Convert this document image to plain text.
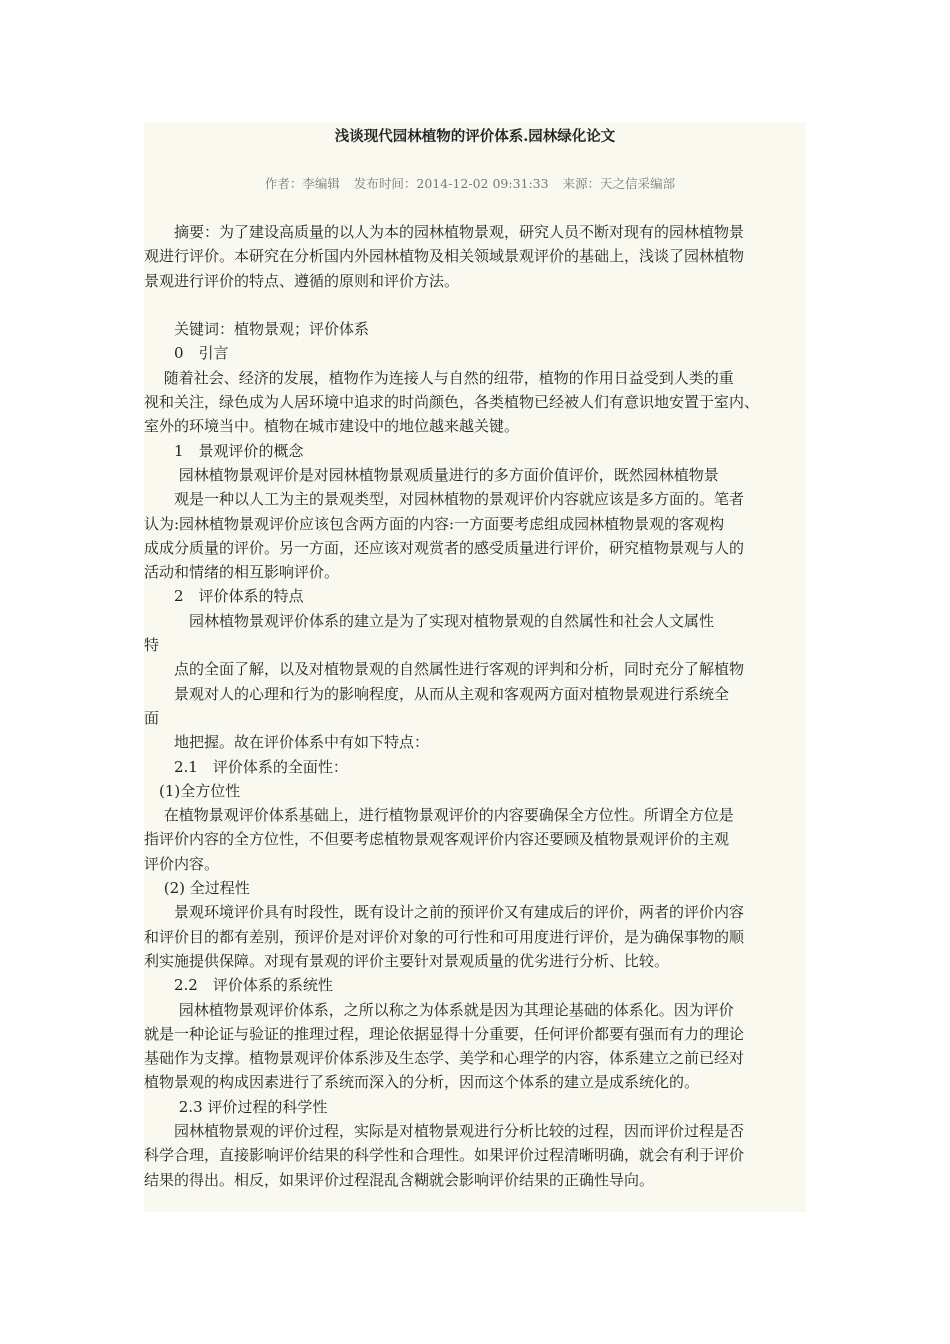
浅谈现代园林植物的评价体系.园林绿化论文
作者：李编辑 发布时间：2014-12-02 09:31:33 来源：天之信采编部
　　摘要：为了建设高质量的以人为本的园林植物景观，研究人员不断对现有的园林植物景
观进行评价。本研究在分析国内外园林植物及相关领域景观评价的基础上，浅谈了园林植物
景观进行评价的特点、遵循的原则和评价方法。
　　关键词：植物景观；评价体系
　　0　引言
　 随着社会、经济的发展，植物作为连接人与自然的纽带，植物的作用日益受到人类的重
视和关注，绿色成为人居环境中追求的时尚颜色，各类植物已经被人们有意识地安置于室内、
室外的环境当中。植物在城市建设中的地位越来越关键。
　　1　景观评价的概念
　　 园林植物景观评价是对园林植物景观质量进行的多方面价值评价，既然园林植物景
　　观是一种以人工为主的景观类型，对园林植物的景观评价内容就应该是多方面的。笔者
认为:园林植物景观评价应该包含两方面的内容:一方面要考虑组成园林植物景观的客观构
成成分质量的评价。另一方面，还应该对观赏者的感受质量进行评价，研究植物景观与人的
活动和情绪的相互影响评价。
　　2　评价体系的特点
　　　园林植物景观评价体系的建立是为了实现对植物景观的自然属性和社会人文属性
特
　　点的全面了解，以及对植物景观的自然属性进行客观的评判和分析，同时充分了解植物
　　景观对人的心理和行为的影响程度，从而从主观和客观两方面对植物景观进行系统全
面
　　地把握。故在评价体系中有如下特点：
　　2.1　评价体系的全面性：
　(1)全方位性
　 在植物景观评价体系基础上，进行植物景观评价的内容要确保全方位性。所谓全方位是
指评价内容的全方位性，不但要考虑植物景观客观评价内容还要顾及植物景观评价的主观
评价内容。
　 (2) 全过程性
　　景观环境评价具有时段性，既有设计之前的预评价又有建成后的评价，两者的评价内容
和评价目的都有差别，预评价是对评价对象的可行性和可用度进行评价，是为确保事物的顺
利实施提供保障。对现有景观的评价主要针对景观质量的优劣进行分析、比较。
　　2.2　评价体系的系统性
　　 园林植物景观评价体系，之所以称之为体系就是因为其理论基础的体系化。因为评价
就是一种论证与验证的推理过程，理论依据显得十分重要，任何评价都要有强而有力的理论
基础作为支撑。植物景观评价体系涉及生态学、美学和心理学的内容，体系建立之前已经对
植物景观的构成因素进行了系统而深入的分析，因而这个体系的建立是成系统化的。
　　 2.3 评价过程的科学性
　　园林植物景观的评价过程，实际是对植物景观进行分析比较的过程，因而评价过程是否
科学合理，直接影响评价结果的科学性和合理性。如果评价过程清晰明确，就会有利于评价
结果的得出。相反，如果评价过程混乱含糊就会影响评价结果的正确性导向。
